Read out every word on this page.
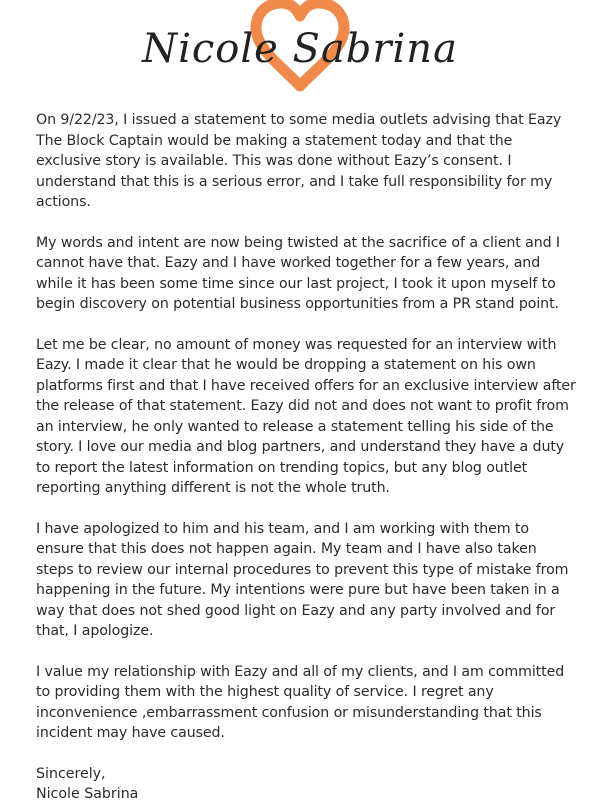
Nicole Sabrina

On 9/22/23, I issued a statement to some media outlets advising that Eazy The Block Captain would be making a statement today and that the exclusive story is available. This was done without Eazy’s consent. I understand that this is a serious error, and I take full responsibility for my actions.

My words and intent are now being twisted at the sacrifice of a client and I cannot have that. Eazy and I have worked together for a few years, and while it has been some time since our last project, I took it upon myself to begin discovery on potential business opportunities from a PR stand point.

Let me be clear, no amount of money was requested for an interview with Eazy. I made it clear that he would be dropping a statement on his own platforms first and that I have received offers for an exclusive interview after the release of that statement. Eazy did not and does not want to profit from an interview, he only wanted to release a statement telling his side of the story. I love our media and blog partners, and understand they have a duty to report the latest information on trending topics, but any blog outlet reporting anything different is not the whole truth.

I have apologized to him and his team, and I am working with them to ensure that this does not happen again. My team and I have also taken steps to review our internal procedures to prevent this type of mistake from happening in the future. My intentions were pure but have been taken in a way that does not shed good light on Eazy and any party involved and for that, I apologize.

I value my relationship with Eazy and all of my clients, and I am committed to providing them with the highest quality of service. I regret any inconvenience ,embarrassment confusion or misunderstanding that this incident may have caused.

Sincerely,

Nicole Sabrina
